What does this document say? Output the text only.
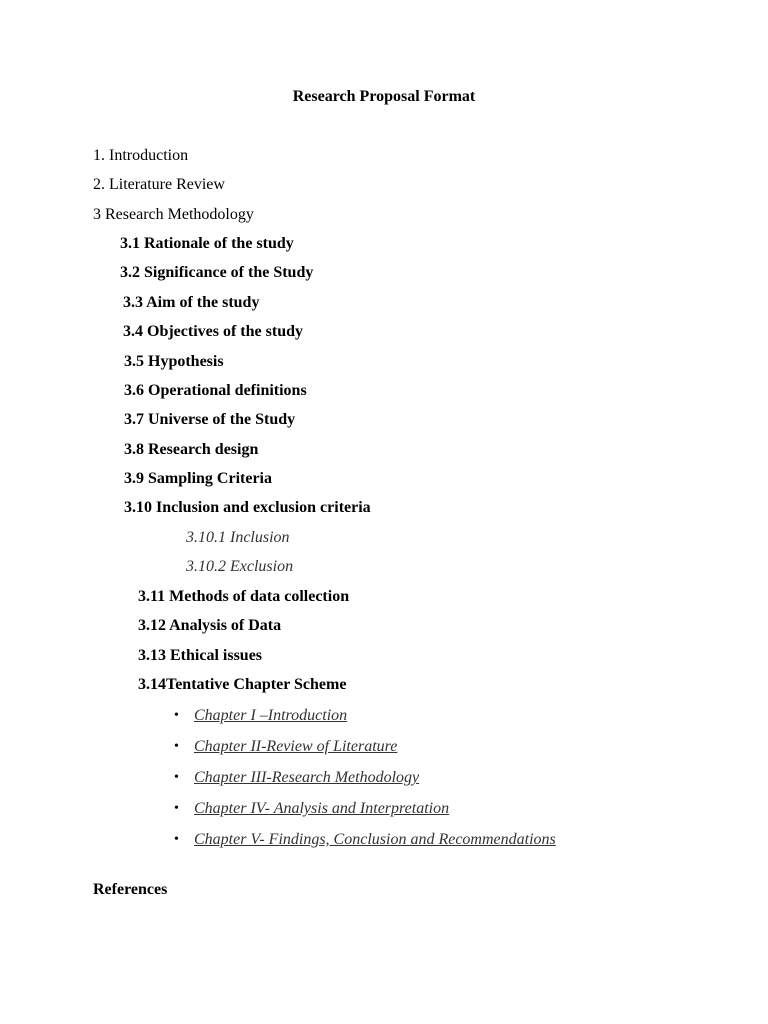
Research Proposal Format
1. Introduction
2. Literature Review
3 Research Methodology
3.1 Rationale of the study
3.2 Significance of the Study
3.3 Aim of the study
3.4 Objectives of the study
3.5 Hypothesis
3.6 Operational definitions
3.7 Universe of the Study
3.8 Research design
3.9 Sampling Criteria
3.10 Inclusion and exclusion criteria
3.10.1 Inclusion
3.10.2 Exclusion
3.11 Methods of data collection
3.12 Analysis of Data
3.13 Ethical issues
3.14Tentative Chapter Scheme
• Chapter I –Introduction
• Chapter II-Review of Literature
• Chapter III-Research Methodology
• Chapter IV- Analysis and Interpretation
• Chapter V- Findings, Conclusion and Recommendations
References
